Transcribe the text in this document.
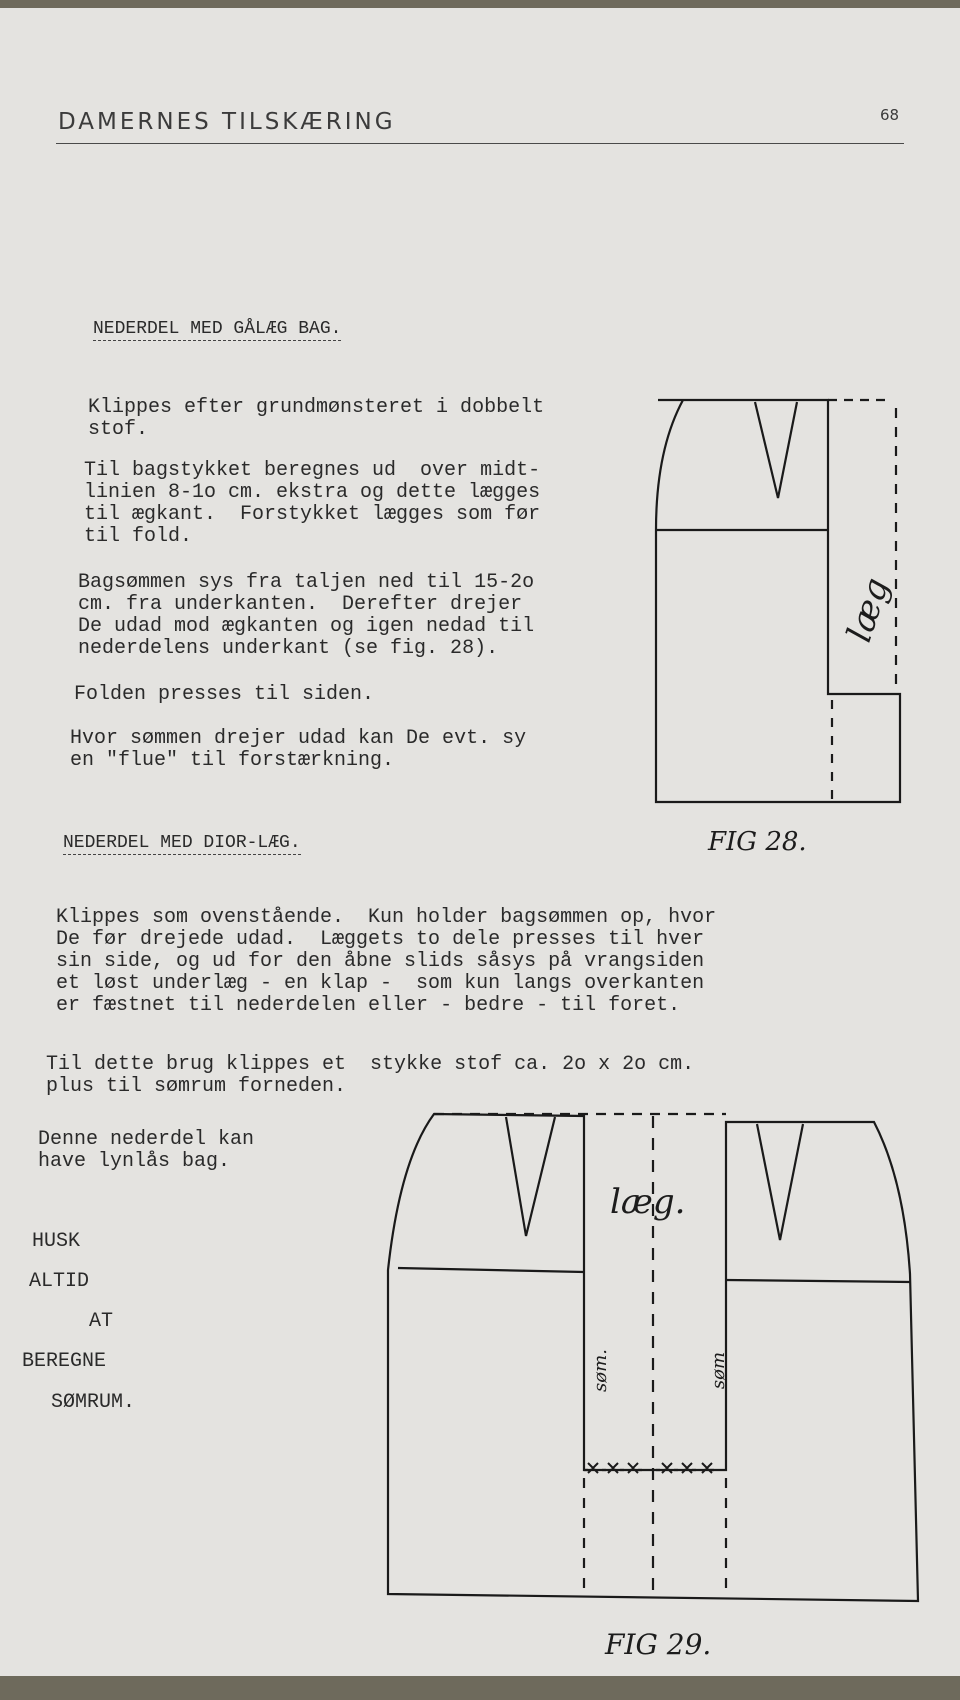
DAMERNES TILSKÆRING	68
NEDERDEL MED GÅLÆG BAG.
Klippes efter grundmønsteret i dobbelt
stof.
Til bagstykket beregnes ud  over midt-
linien 8-1o cm. ekstra og dette lægges
til ægkant.  Forstykket lægges som før
til fold.
Bagsømmen sys fra taljen ned til 15-2o
cm. fra underkanten.  Derefter drejer
De udad mod ægkanten og igen nedad til
nederdelens underkant (se fig. 28).
Folden presses til siden.
Hvor sømmen drejer udad kan De evt. sy
en "flue" til forstærkning.
NEDERDEL MED DIOR-LÆG.
Klippes som ovenstående.  Kun holder bagsømmen op, hvor
De før drejede udad.  Læggets to dele presses til hver
sin side, og ud for den åbne slids såsys på vrangsiden
et løst underlæg - en klap -  som kun langs overkanten
er fæstnet til nederdelen eller - bedre - til foret.
Til dette brug klippes et  stykke stof ca. 2o x 2o cm.
plus til sømrum forneden.
Denne nederdel kan
have lynlås bag.
HUSK
ALTID
AT
BEREGNE
SØMRUM.
læg
FIG 28.
læg.
søm.	søm
FIG 29.
